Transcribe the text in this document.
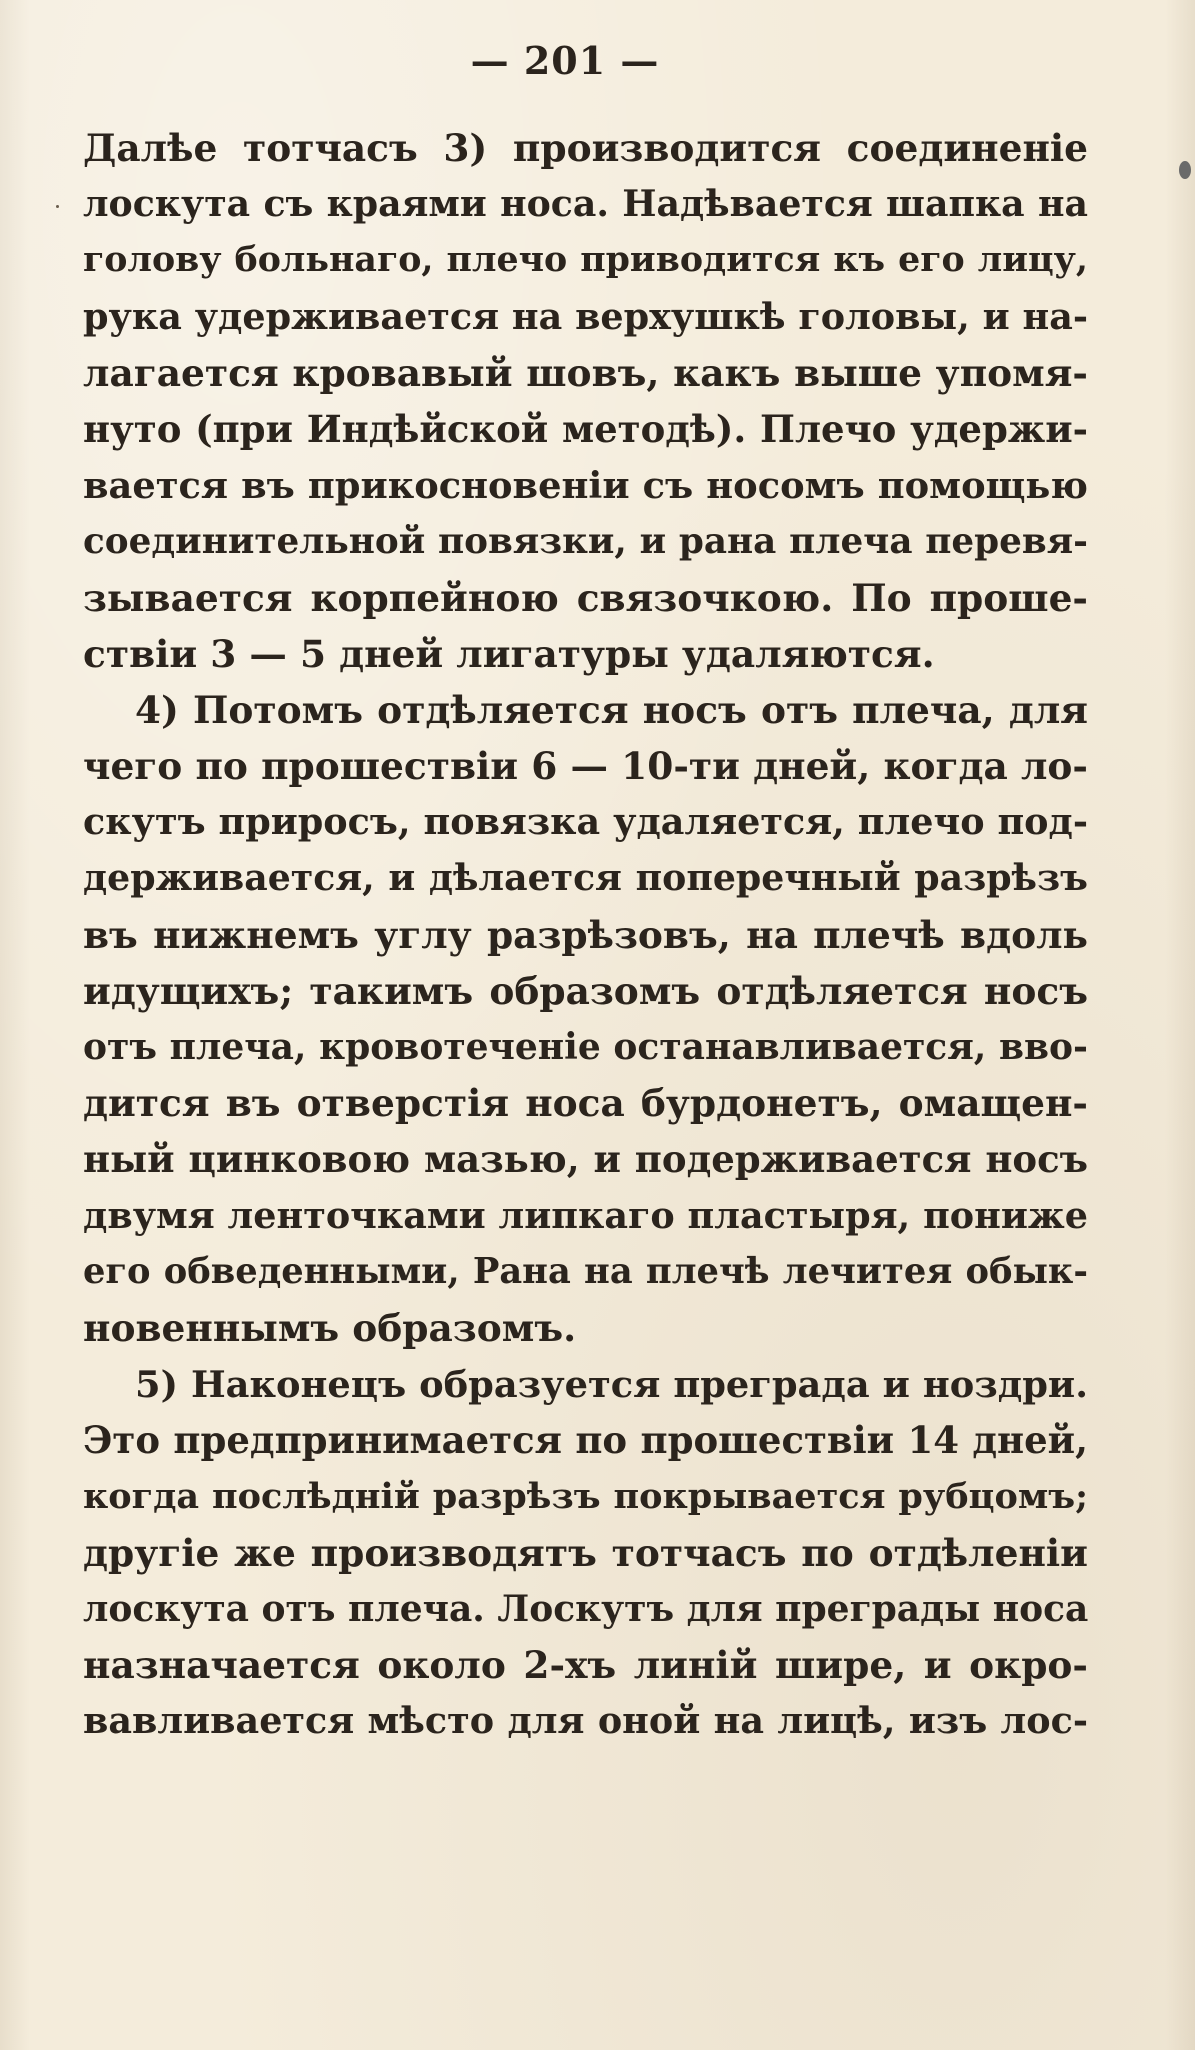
— 201 —
Далѣе тотчасъ 3) производится соединенiе
лоскута съ краями носа. Надѣвается шапка на
голову больнаго, плечо приводится къ его лицу,
рука удерживается на верхушкѣ головы, и на-
лагается кровавый шовъ, какъ выше упомя-
нуто (при Индѣйской методѣ). Плечо удержи-
вается въ прикосновенiи съ носомъ помощью
соединительной повязки, и рана плеча перевя-
зывается корпейною связочкою. По проше-
ствiи 3 — 5 дней лигатуры удаляются.
4) Потомъ отдѣляется носъ отъ плеча, для
чего по прошествiи 6 — 10-ти дней, когда ло-
скутъ приросъ, повязка удаляется, плечо под-
держивается, и дѣлается поперечный разрѣзъ
въ нижнемъ углу разрѣзовъ, на плечѣ вдоль
идущихъ; такимъ образомъ отдѣляется носъ
отъ плеча, кровотеченiе останавливается, вво-
дится въ отверстiя носа бурдонетъ, омащен-
ный цинковою мазью, и подерживается носъ
двумя ленточками липкаго пластыря, пониже
его обведенными, Рана на плечѣ лечитея обык-
новеннымъ образомъ.
5) Наконецъ образуется преграда и ноздри.
Это предпринимается по прошествiи 14 дней,
когда послѣднiй разрѣзъ покрывается рубцомъ;
другiе же производятъ тотчасъ по отдѣленiи
лоскута отъ плеча. Лоскутъ для преграды носа
назначается около 2-хъ линiй шире, и окро-
вавливается мѣсто для оной на лицѣ, изъ лос-
